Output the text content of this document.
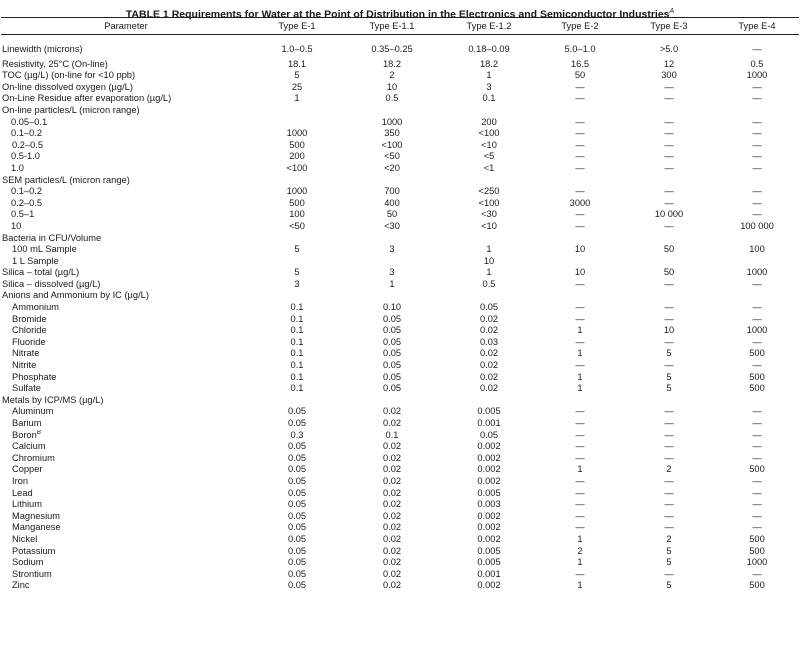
TABLE 1 Requirements for Water at the Point of Distribution in the Electronics and Semiconductor Industries$^A$
Parameter	Type E-1	Type E-1.1	Type E-1.2	Type E-2	Type E-3	Type E-4
Linewidth (microns)	1.0–0.5	0.35–0.25	0.18–0.09	5.0–1.0	>5.0	—
Resistivity, 25°C (On-line)	18.1	18.2	18.2	16.5	12	0.5
TOC (µg/L) (on-line for <10 ppb)	5	2	1	50	300	1000
On-line dissolved oxygen (µg/L)	25	10	3	—	—	—
On-Line Residue after evaporation (µg/L)	1	0.5	0.1	—	—	—
On-line particles/L (micron range)						
0.05–0.1		1000	200	—	—	—
0.1–0.2	1000	350	<100	—	—	—
0.2–0.5	500	<100	<10	—	—	—
0.5-1.0	200	<50	<5	—	—	—
1.0	<100	<20	<1	—	—	—
SEM particles/L (micron range)						
0.1–0.2	1000	700	<250	—	—	—
0.2–0.5	500	400	<100	3000	—	—
0.5–1	100	50	<30	—	10 000	—
10	<50	<30	<10	—	—	100 000
Bacteria in CFU/Volume						
100 mL Sample	5	3	1	10	50	100
1 L Sample			10			
Silica – total (µg/L)	5	3	1	10	50	1000
Silica – dissolved (µg/L)	3	1	0.5	—	—	—
Anions and Ammonium by IC (µg/L)						
Ammonium	0.1	0.10	0.05	—	—	—
Bromide	0.1	0.05	0.02	—	—	—
Chloride	0.1	0.05	0.02	1	10	1000
Fluoride	0.1	0.05	0.03	—	—	—
Nitrate	0.1	0.05	0.02	1	5	500
Nitrite	0.1	0.05	0.02	—	—	—
Phosphate	0.1	0.05	0.02	1	5	500
Sulfate	0.1	0.05	0.02	1	5	500
Metals by ICP/MS (µg/L)						
Aluminum	0.05	0.02	0.005	—	—	—
Barium	0.05	0.02	0.001	—	—	—
Boron$^B$	0.3	0.1	0.05	—	—	—
Calcium	0.05	0.02	0.002	—	—	—
Chromium	0.05	0.02	0.002	—	—	—
Copper	0.05	0.02	0.002	1	2	500
Iron	0.05	0.02	0.002	—	—	—
Lead	0.05	0.02	0.005	—	—	—
Lithium	0.05	0.02	0.003	—	—	—
Magnesium	0.05	0.02	0.002	—	—	—
Manganese	0.05	0.02	0.002	—	—	—
Nickel	0.05	0.02	0.002	1	2	500
Potassium	0.05	0.02	0.005	2	5	500
Sodium	0.05	0.02	0.005	1	5	1000
Strontium	0.05	0.02	0.001	—	—	—
Zinc	0.05	0.02	0.002	1	5	500
